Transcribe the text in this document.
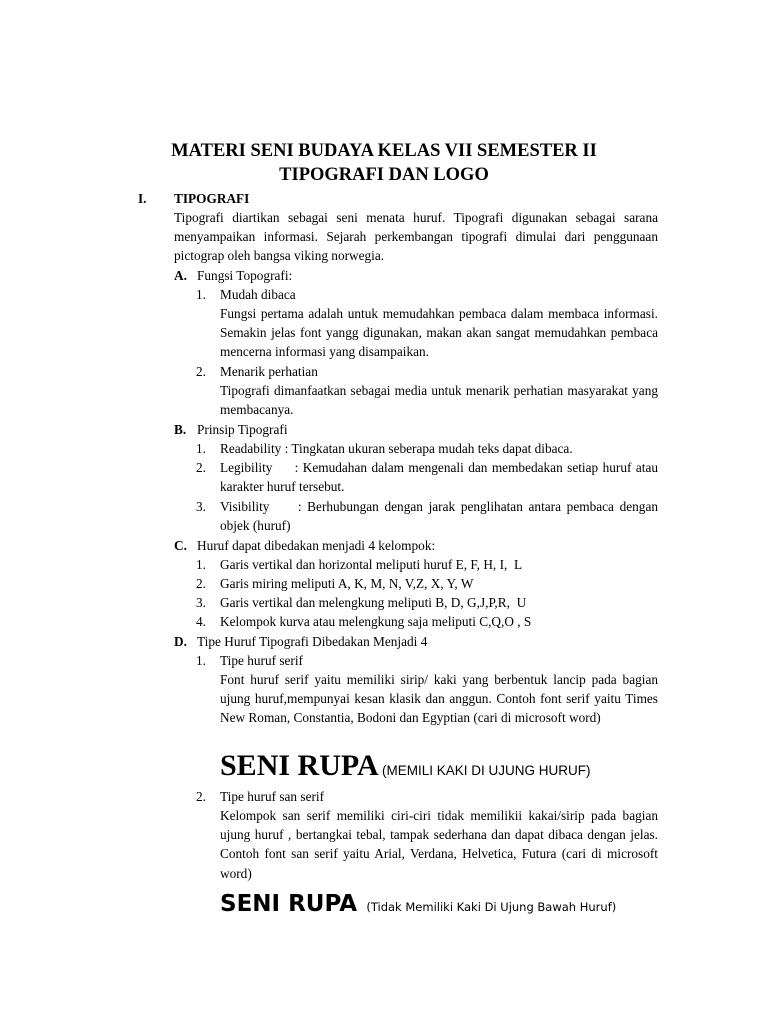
MATERI SENI BUDAYA KELAS VII SEMESTER II
TIPOGRAFI DAN LOGO
I. TIPOGRAFI
Tipografi diartikan sebagai seni menata huruf. Tipografi digunakan sebagai sarana menyampaikan informasi. Sejarah perkembangan tipografi dimulai dari penggunaan pictograp oleh bangsa viking norwegia.
A. Fungsi Topografi:
1. Mudah dibaca
Fungsi pertama adalah untuk memudahkan pembaca dalam membaca informasi. Semakin jelas font yangg digunakan, makan akan sangat memudahkan pembaca mencerna informasi yang disampaikan.
2. Menarik perhatian
Tipografi dimanfaatkan sebagai media untuk menarik perhatian masyarakat yang membacanya.
B. Prinsip Tipografi
1. Readability : Tingkatan ukuran seberapa mudah teks dapat dibaca.
2. Legibility     : Kemudahan dalam mengenali dan membedakan setiap huruf atau karakter huruf tersebut.
3. Visibility     : Berhubungan dengan jarak penglihatan antara pembaca dengan objek (huruf)
C. Huruf dapat dibedakan menjadi 4 kelompok:
1. Garis vertikal dan horizontal meliputi huruf E, F, H, I,  L
2. Garis miring meliputi A, K, M, N, V,Z, X, Y, W
3. Garis vertikal dan melengkung meliputi B, D, G,J,P,R,  U
4. Kelompok kurva atau melengkung saja meliputi C,Q,O , S
D. Tipe Huruf Tipografi Dibedakan Menjadi 4
1. Tipe huruf serif
Font huruf serif yaitu memiliki sirip/ kaki yang berbentuk lancip pada bagian ujung huruf,mempunyai kesan klasik dan anggun. Contoh font serif yaitu Times New Roman, Constantia, Bodoni dan Egyptian (cari di microsoft word)
SENI RUPA (MEMILI KAKI DI UJUNG HURUF)
2. Tipe huruf san serif
Kelompok san serif memiliki ciri-ciri tidak memilikii kakai/sirip pada bagian ujung huruf , bertangkai tebal, tampak sederhana dan dapat dibaca dengan jelas. Contoh font san serif yaitu Arial, Verdana, Helvetica, Futura (cari di microsoft word)
SENI RUPA (Tidak Memiliki Kaki Di Ujung Bawah Huruf)
